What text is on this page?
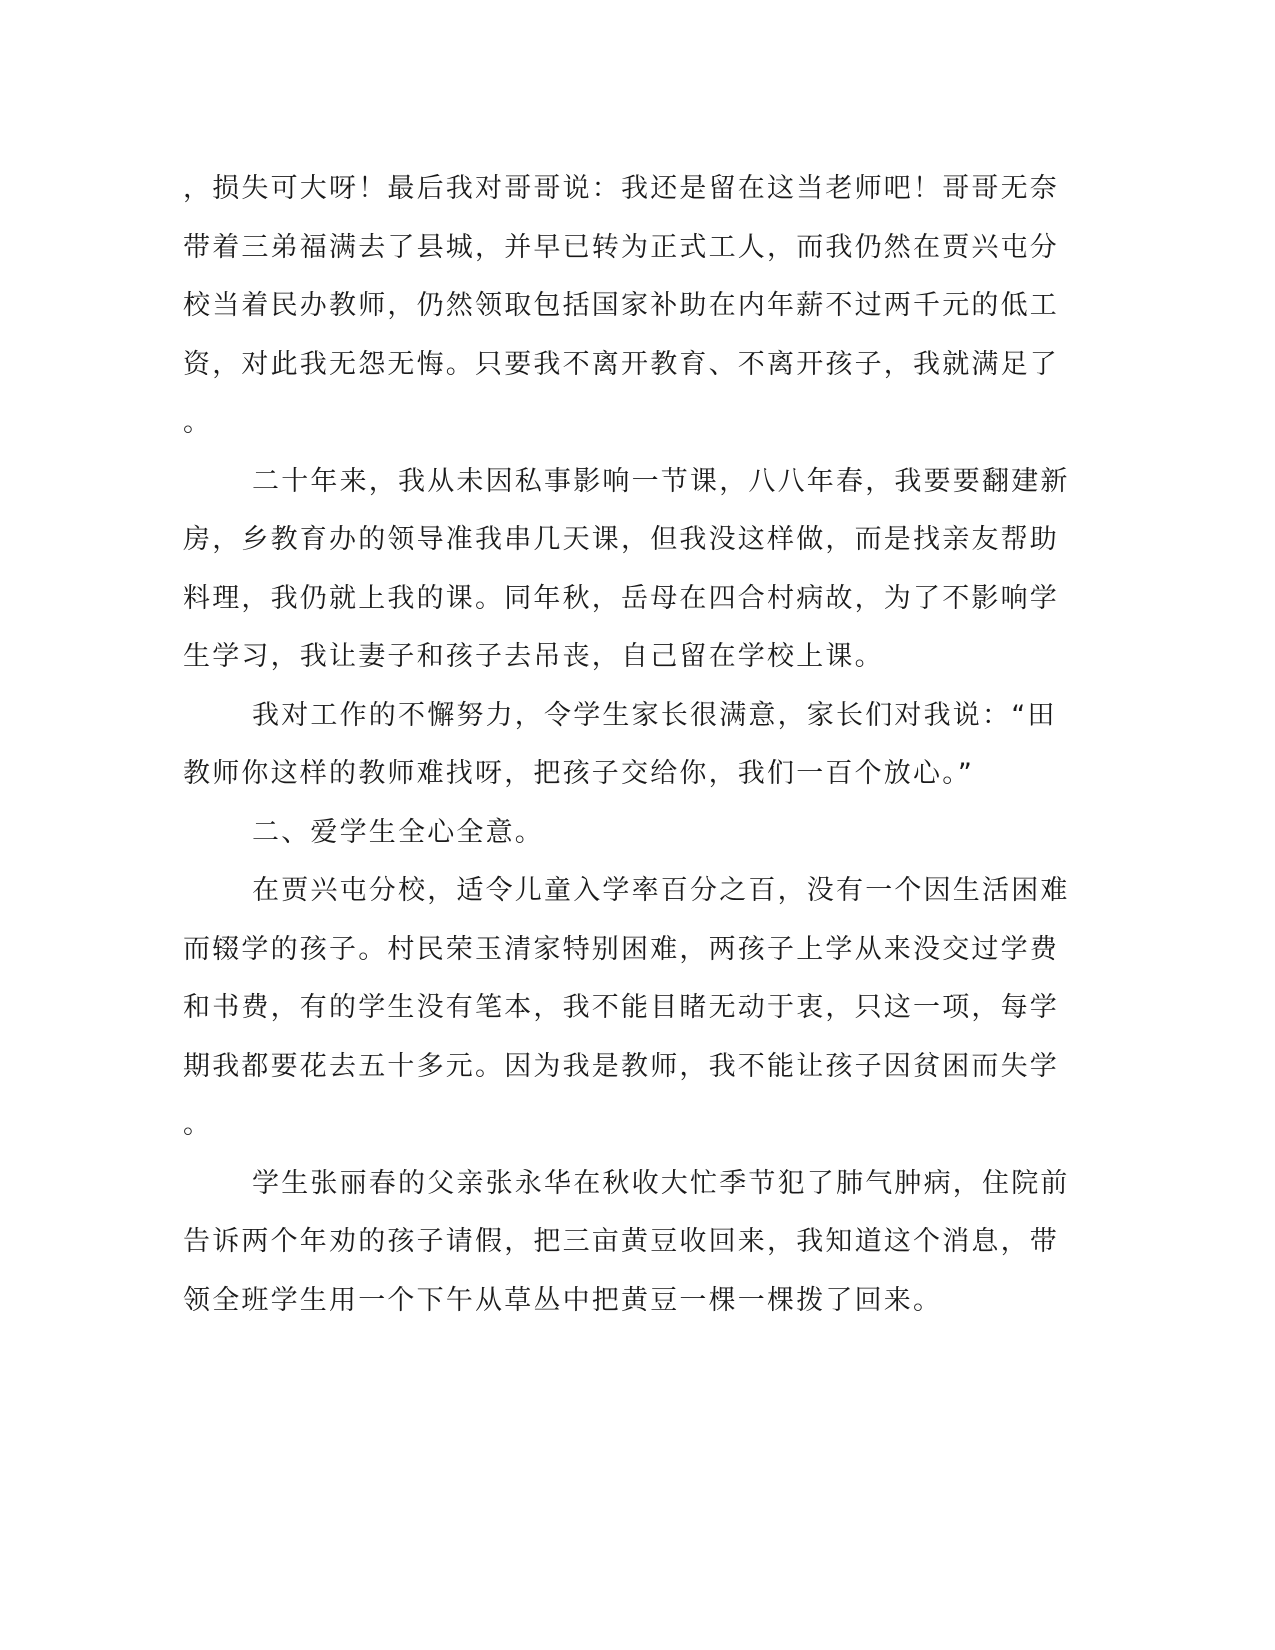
，损失可大呀！最后我对哥哥说：我还是留在这当老师吧！哥哥无奈
带着三弟福满去了县城，并早已转为正式工人，而我仍然在贾兴屯分
校当着民办教师，仍然领取包括国家补助在内年薪不过两千元的低工
资，对此我无怨无悔。只要我不离开教育、不离开孩子，我就满足了
。

二十年来，我从未因私事影响一节课，八八年春，我要要翻建新
房，乡教育办的领导准我串几天课，但我没这样做，而是找亲友帮助
料理，我仍就上我的课。同年秋，岳母在四合村病故，为了不影响学
生学习，我让妻子和孩子去吊丧，自己留在学校上课。

我对工作的不懈努力，令学生家长很满意，家长们对我说：“田
教师你这样的教师难找呀，把孩子交给你，我们一百个放心。”

二、爱学生全心全意。

在贾兴屯分校，适令儿童入学率百分之百，没有一个因生活困难
而辍学的孩子。村民荣玉清家特别困难，两孩子上学从来没交过学费
和书费，有的学生没有笔本，我不能目睹无动于衷，只这一项，每学
期我都要花去五十多元。因为我是教师，我不能让孩子因贫困而失学
。

学生张丽春的父亲张永华在秋收大忙季节犯了肺气肿病，住院前
告诉两个年劝的孩子请假，把三亩黄豆收回来，我知道这个消息，带
领全班学生用一个下午从草丛中把黄豆一棵一棵拨了回来。
